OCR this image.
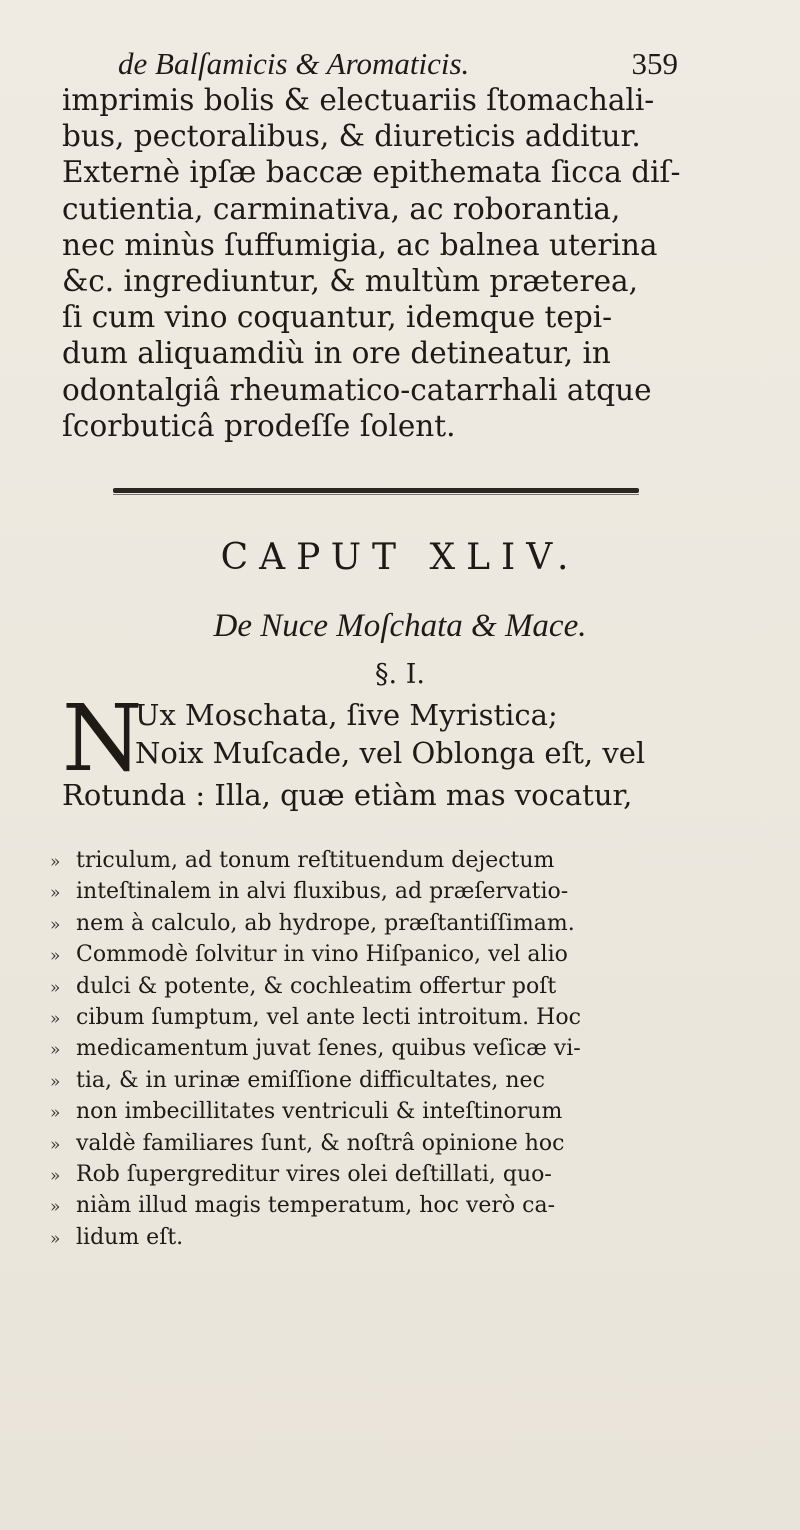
de Balſamicis & Aromaticis.	359
imprimis bolis & electuariis ſtomachali-
bus, pectoralibus, & diureticis additur.
Externè ipſæ baccæ epithemata ſicca diſ-
cutientia, carminativa, ac roborantia,
nec minùs ſuffumigia, ac balnea uterina
&c. ingrediuntur, & multùm præterea,
ſi cum vino coquantur, idemque tepi-
dum aliquamdiù in ore detineatur, in
odontalgiâ rheumatico-catarrhali atque
ſcorbuticâ prodeſſe ſolent.
CAPUT XLIV.
De Nuce Moſchata & Mace.
§. I.
N
Ux Moschata, ſive Myristica;
Noix Muſcade, vel Oblonga eſt, vel
Rotunda : Illa, quæ etiàm mas vocatur,
» triculum, ad tonum reſtituendum dejectum
» inteſtinalem in alvi fluxibus, ad præſervatio-
» nem à calculo, ab hydrope, præſtantiſſimam.
» Commodè ſolvitur in vino Hiſpanico, vel alio
» dulci & potente, & cochleatim offertur poſt
» cibum ſumptum, vel ante lecti introitum. Hoc
» medicamentum juvat ſenes, quibus veſicæ vi-
» tia, & in urinæ emiſſione difficultates, nec
» non imbecillitates ventriculi & inteſtinorum
» valdè familiares ſunt, & noſtrâ opinione hoc
» Rob ſupergreditur vires olei deſtillati, quo-
» niàm illud magis temperatum, hoc verò ca-
» lidum eſt.
